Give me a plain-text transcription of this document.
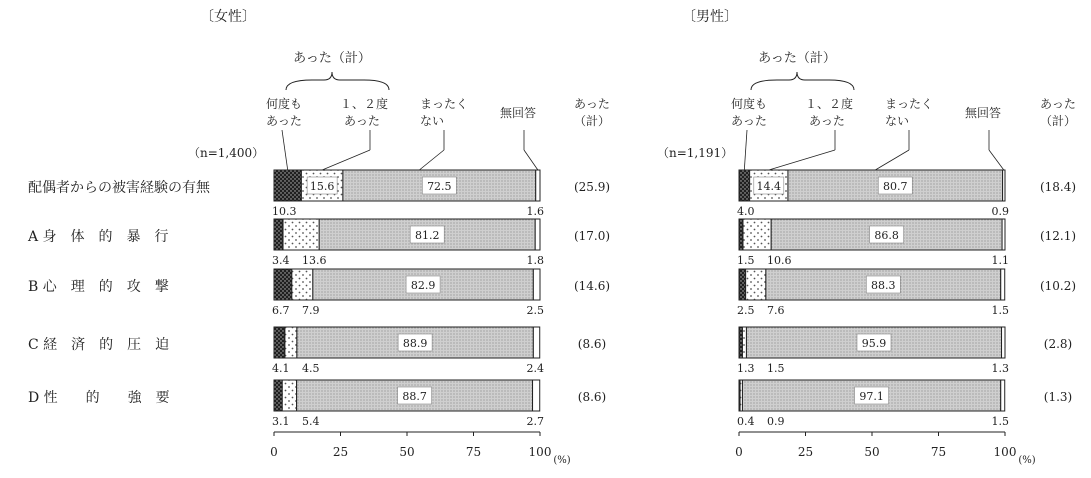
配偶者からの被害経験の有無
A 身　体　的　暴　行
B 心　理　的　攻　撃
C 経　済　的　圧　迫
D 性　　的　　強　要
〔女性〕
（n=1,400）
あった（計）
何度も
あった
１、２度
あった
まったく
ない
無回答
あった
（計）
72.5
15.6
10.3	1.6
(25.9)
81.2
3.4 13.6	1.8
(17.0)
82.9
6.7 7.9	2.5
(14.6)
88.9
4.1 4.5	2.4
(8.6)
88.7
3.1 5.4	2.7
(8.6)
0	25	50	75	100
(%)
〔男性〕
（n=1,191）
あった（計）
何度も
あった
１、２度
あった
まったく
ない
無回答
あった
（計）
80.7
14.4
4.0	0.9
(18.4)
86.8
1.5 10.6	1.1
(12.1)
88.3
2.5 7.6	1.5
(10.2)
95.9
1.3 1.5	1.3
(2.8)
97.1
0.4 0.9	1.5
(1.3)
0	25	50	75	100
(%)
